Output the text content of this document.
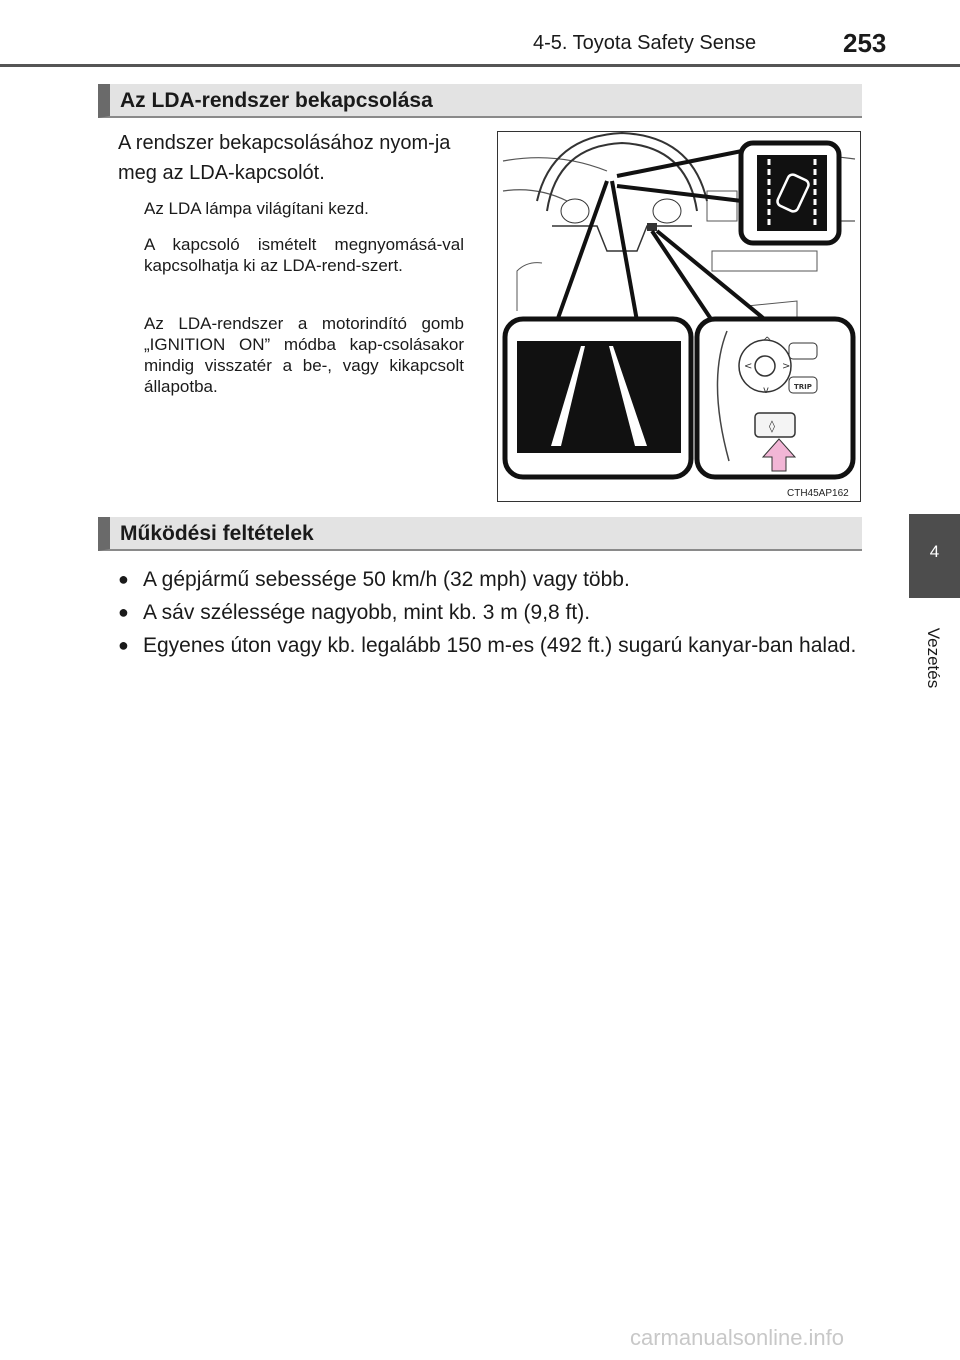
4-5. Toyota Safety Sense	253
Az LDA-rendszer bekapcsolása
A rendszer bekapcsolásához nyom-ja meg az LDA-kapcsolót.

Az LDA lámpa világítani kezd.

A kapcsoló ismételt megnyomásá-val kapcsolhatja ki az LDA-rend-szert.

Az LDA-rendszer a motorindító gomb „IGNITION ON” módba kap-csolásakor mindig visszatér a be-, vagy kikapcsolt állapotba.

^
v
<	>
TRIP
◊
CTH45AP162
Működési feltételek
● A gépjármű sebessége 50 km/h (32 mph) vagy több.
● A sáv szélessége nagyobb, mint kb. 3 m (9,8 ft).
● Egyenes úton vagy kb. legalább 150 m-es (492 ft.) sugarú kanyar-ban halad.
4
Vezetés
carmanualsonline.info
